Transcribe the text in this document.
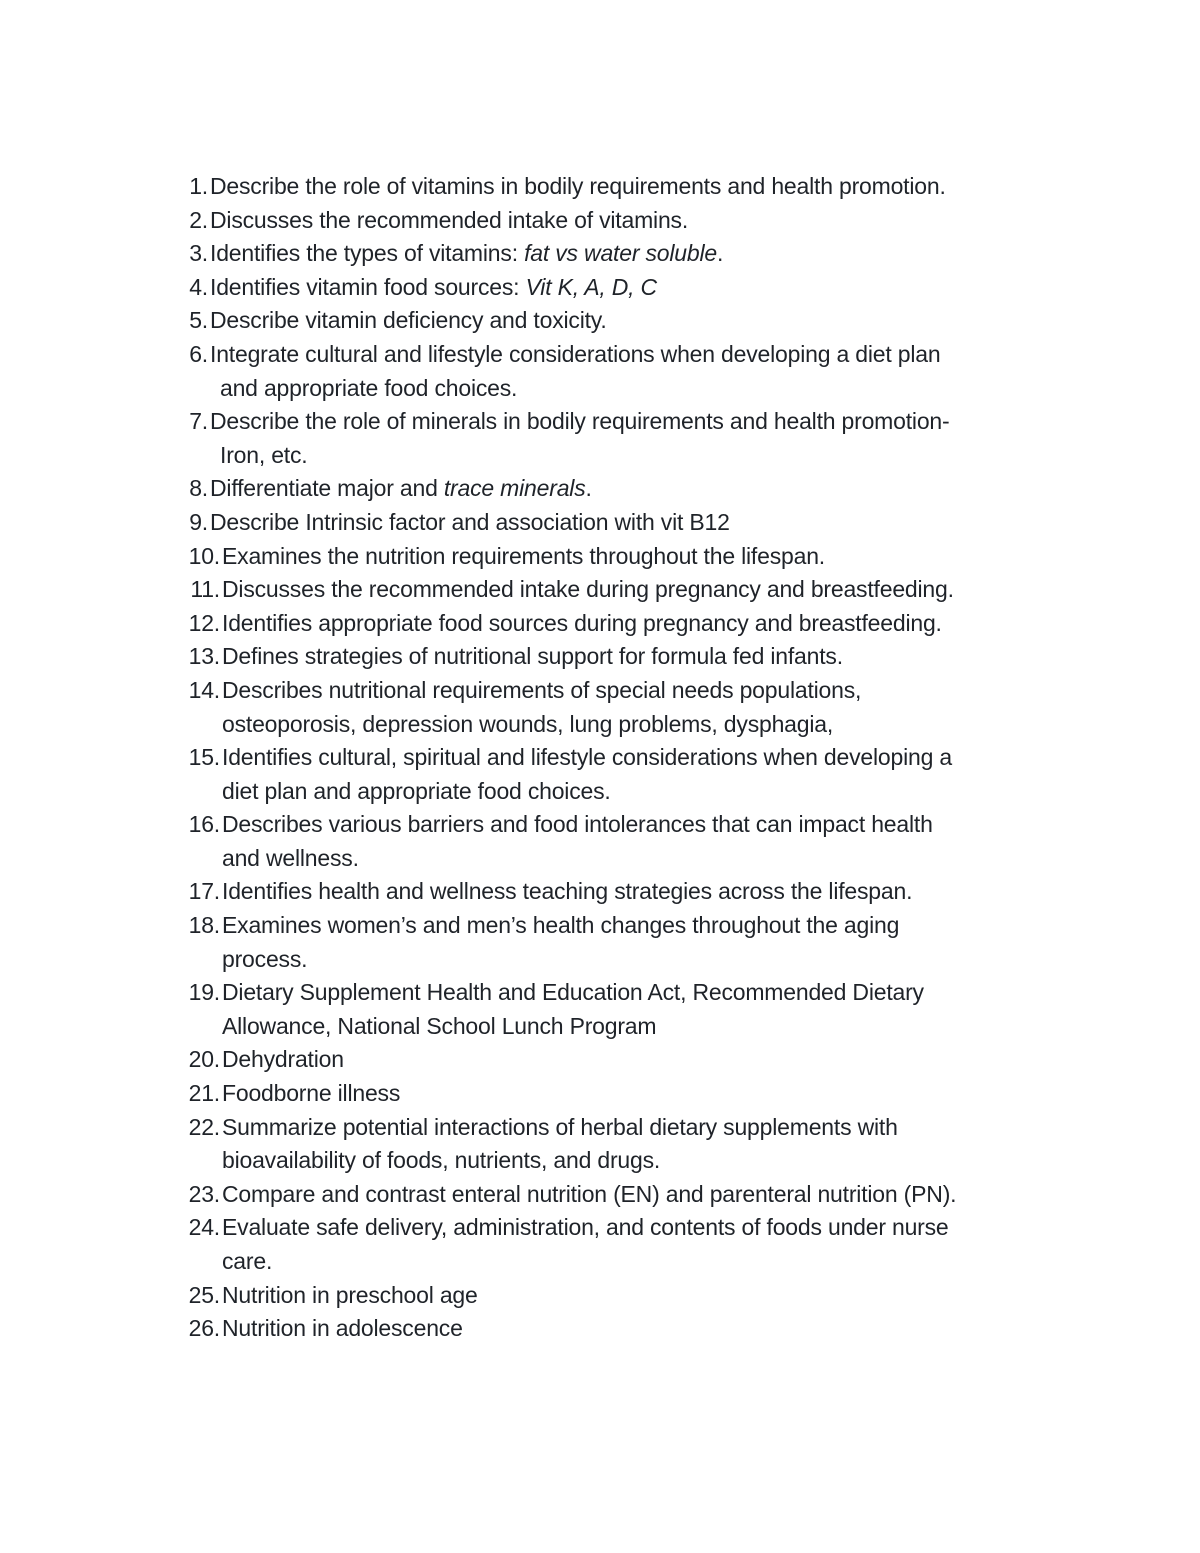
1. Describe the role of vitamins in bodily requirements and health promotion.
2. Discusses the recommended intake of vitamins.
3. Identifies the types of vitamins: fat vs water soluble.
4. Identifies vitamin food sources: Vit K, A, D, C
5. Describe vitamin deficiency and toxicity.
6. Integrate cultural and lifestyle considerations when developing a diet plan
and appropriate food choices.
7. Describe the role of minerals in bodily requirements and health promotion-
Iron, etc.
8. Differentiate major and trace minerals.
9. Describe Intrinsic factor and association with vit B12
10. Examines the nutrition requirements throughout the lifespan.
11. Discusses the recommended intake during pregnancy and breastfeeding.
12. Identifies appropriate food sources during pregnancy and breastfeeding.
13. Defines strategies of nutritional support for formula fed infants.
14. Describes nutritional requirements of special needs populations,
osteoporosis, depression wounds, lung problems, dysphagia,
15. Identifies cultural, spiritual and lifestyle considerations when developing a
diet plan and appropriate food choices.
16. Describes various barriers and food intolerances that can impact health
and wellness.
17. Identifies health and wellness teaching strategies across the lifespan.
18. Examines women’s and men’s health changes throughout the aging
process.
19. Dietary Supplement Health and Education Act, Recommended Dietary
Allowance, National School Lunch Program
20. Dehydration
21. Foodborne illness
22. Summarize potential interactions of herbal dietary supplements with
bioavailability of foods, nutrients, and drugs.
23. Compare and contrast enteral nutrition (EN) and parenteral nutrition (PN).
24. Evaluate safe delivery, administration, and contents of foods under nurse
care.
25. Nutrition in preschool age
26. Nutrition in adolescence
